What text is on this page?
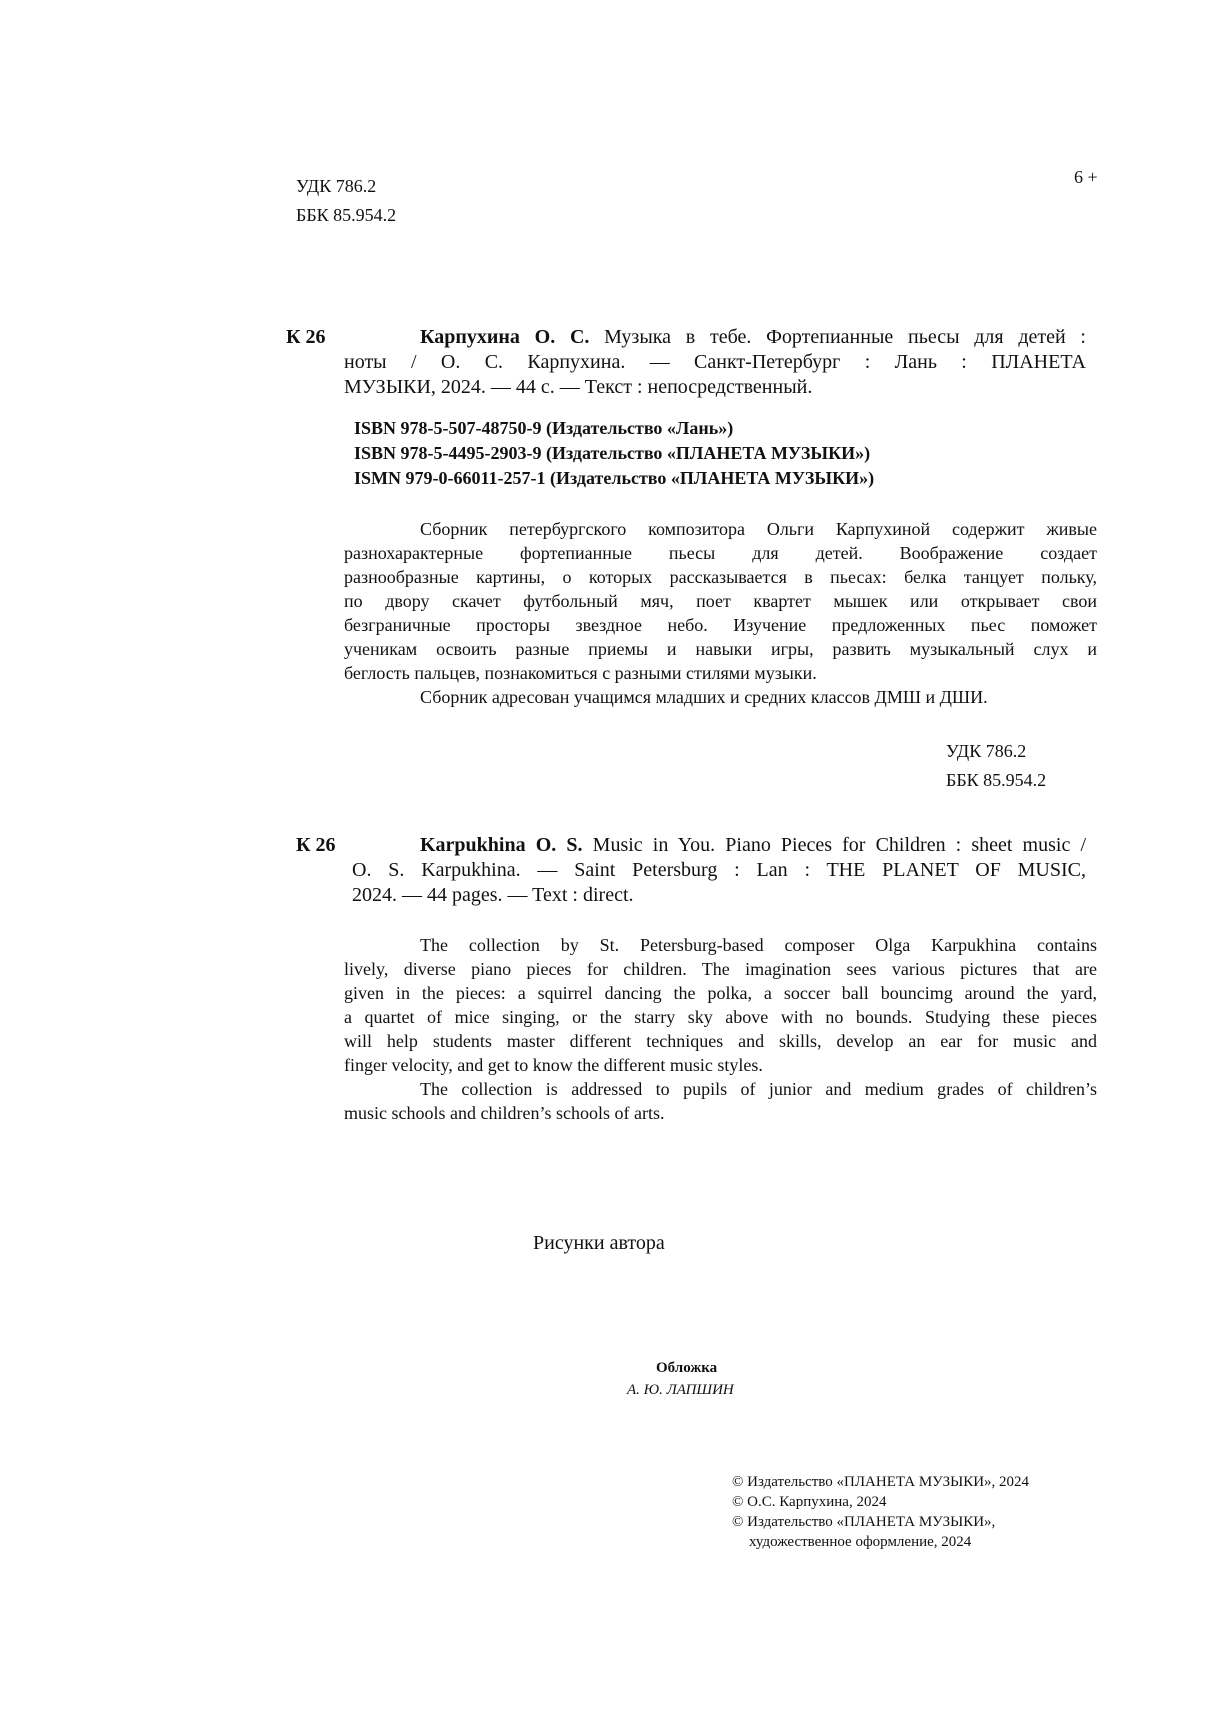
УДК 786.2

ББК 85.954.2

6 +

К 26	Карпухина О. С. Музыка в тебе. Фортепианные пьесы для детей :
ноты / О. С. Карпухина. — Санкт-Петербург : Лань : ПЛАНЕТА

МУЗЫКИ, 2024. — 44 с. — Текст : непосредственный.

ISBN 978-5-507-48750-9 (Издательство «Лань»)

ISBN 978-5-4495-2903-9 (Издательство «ПЛАНЕТА МУЗЫКИ»)

ISMN 979-0-66011-257-1 (Издательство «ПЛАНЕТА МУЗЫКИ»)

Сборник петербургского композитора Ольги Карпухиной содержит живые
разнохарактерные фортепианные пьесы для детей. Воображение создает
разнообразные картины, о которых рассказывается в пьесах: белка танцует польку,
по двору скачет футбольный мяч, поет квартет мышек или открывает свои
безграничные просторы звездное небо. Изучение предложенных пьес поможет
ученикам освоить разные приемы и навыки игры, развить музыкальный слух и

беглость пальцев, познакомиться с разными стилями музыки.

Сборник адресован учащимся младших и средних классов ДМШ и ДШИ.

УДК 786.2

ББК 85.954.2

К 26	Karpukhina O. S. Music in You. Piano Pieces for Children : sheet music /
O. S. Karpukhina. — Saint Petersburg : Lan : THE PLANET OF MUSIC,

2024. — 44 pages. — Text : direct.

The collection by St. Petersburg-based composer Olga Karpukhina contains
lively, diverse piano pieces for children. The imagination sees various pictures that are
given in the pieces: a squirrel dancing the polka, a soccer ball bouncimg around the yard,
a quartet of mice singing, or the starry sky above with no bounds. Studying these pieces
will help students master different techniques and skills, develop an ear for music and

finger velocity, and get to know the different music styles.

The collection is addressed to pupils of junior and medium grades of children’s

music schools and children’s schools of arts.

Рисунки автора

Обложка

А. Ю. ЛАПШИН

© Издательство «ПЛАНЕТА МУЗЫКИ», 2024

© О.С. Карпухина, 2024

© Издательство «ПЛАНЕТА МУЗЫКИ»,

художественное оформление, 2024
